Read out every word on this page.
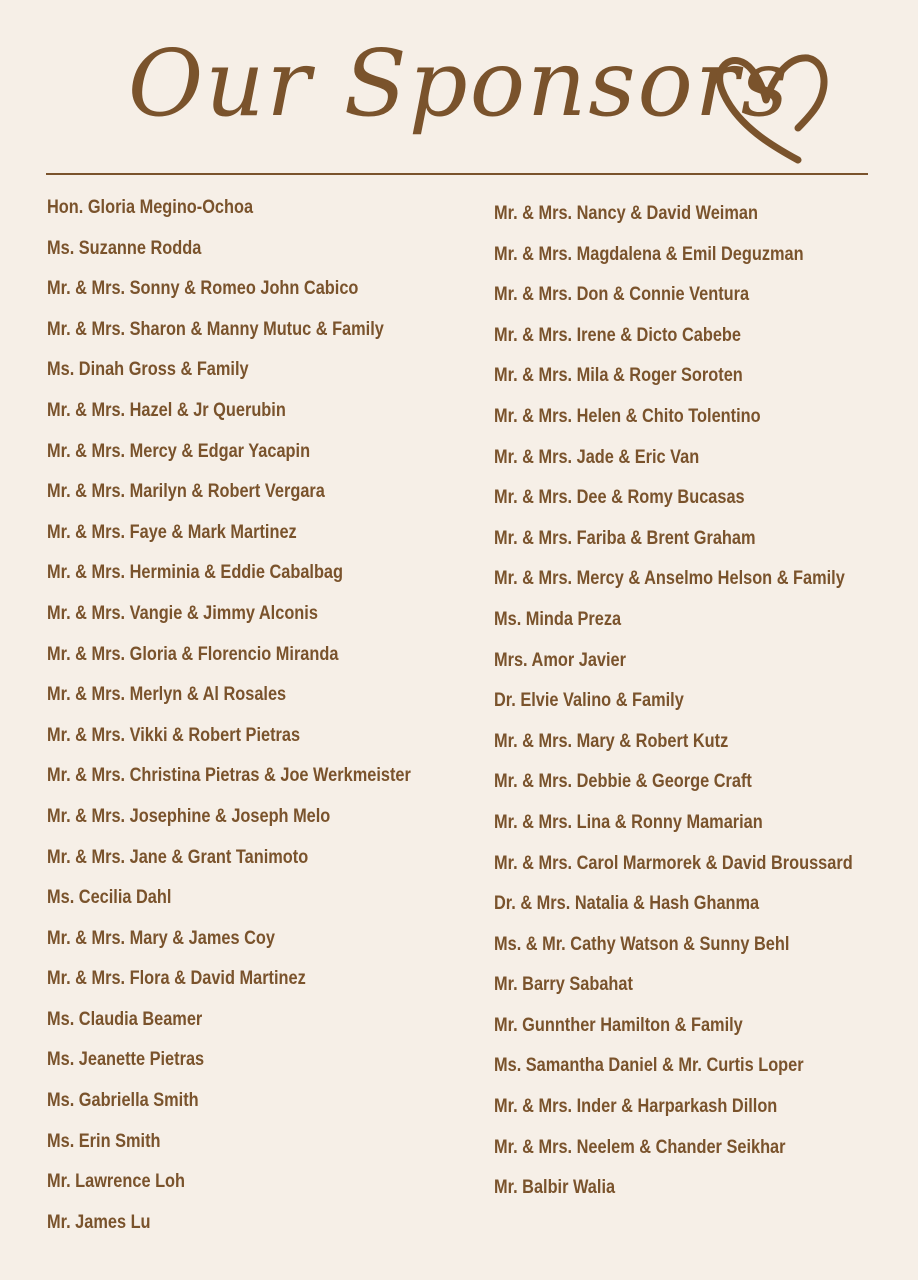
Our Sponsors
Hon. Gloria Megino-Ochoa
Ms. Suzanne Rodda
Mr. & Mrs. Sonny & Romeo John Cabico
Mr. & Mrs. Sharon & Manny Mutuc & Family
Ms. Dinah Gross & Family
Mr. & Mrs. Hazel & Jr Querubin
Mr. & Mrs. Mercy & Edgar Yacapin
Mr. & Mrs. Marilyn & Robert Vergara
Mr. & Mrs. Faye & Mark Martinez
Mr. & Mrs. Herminia & Eddie Cabalbag
Mr. & Mrs. Vangie & Jimmy Alconis
Mr. & Mrs. Gloria & Florencio Miranda
Mr. & Mrs. Merlyn & Al Rosales
Mr. & Mrs. Vikki & Robert Pietras
Mr. & Mrs. Christina Pietras & Joe Werkmeister
Mr. & Mrs. Josephine & Joseph Melo
Mr. & Mrs. Jane & Grant Tanimoto
Ms. Cecilia Dahl
Mr. & Mrs. Mary & James Coy
Mr. & Mrs. Flora & David Martinez
Ms. Claudia Beamer
Ms. Jeanette Pietras
Ms. Gabriella Smith
Ms. Erin Smith
Mr. Lawrence Loh
Mr. James Lu
Mr. & Mrs. Nancy & David Weiman
Mr. & Mrs. Magdalena & Emil Deguzman
Mr. & Mrs. Don & Connie Ventura
Mr. & Mrs. Irene & Dicto Cabebe
Mr. & Mrs. Mila & Roger Soroten
Mr. & Mrs. Helen & Chito Tolentino
Mr. & Mrs. Jade & Eric Van
Mr. & Mrs. Dee & Romy Bucasas
Mr. & Mrs. Fariba & Brent Graham
Mr. & Mrs. Mercy & Anselmo Helson & Family
Ms. Minda Preza
Mrs. Amor Javier
Dr. Elvie Valino & Family
Mr. & Mrs. Mary & Robert Kutz
Mr. & Mrs. Debbie & George Craft
Mr. & Mrs. Lina & Ronny Mamarian
Mr. & Mrs. Carol Marmorek & David Broussard
Dr. & Mrs. Natalia & Hash Ghanma
Ms. & Mr. Cathy Watson & Sunny Behl
Mr. Barry Sabahat
Mr. Gunnther Hamilton & Family
Ms. Samantha Daniel & Mr. Curtis Loper
Mr. & Mrs. Inder & Harparkash Dillon
Mr. & Mrs. Neelem & Chander Seikhar
Mr. Balbir Walia
